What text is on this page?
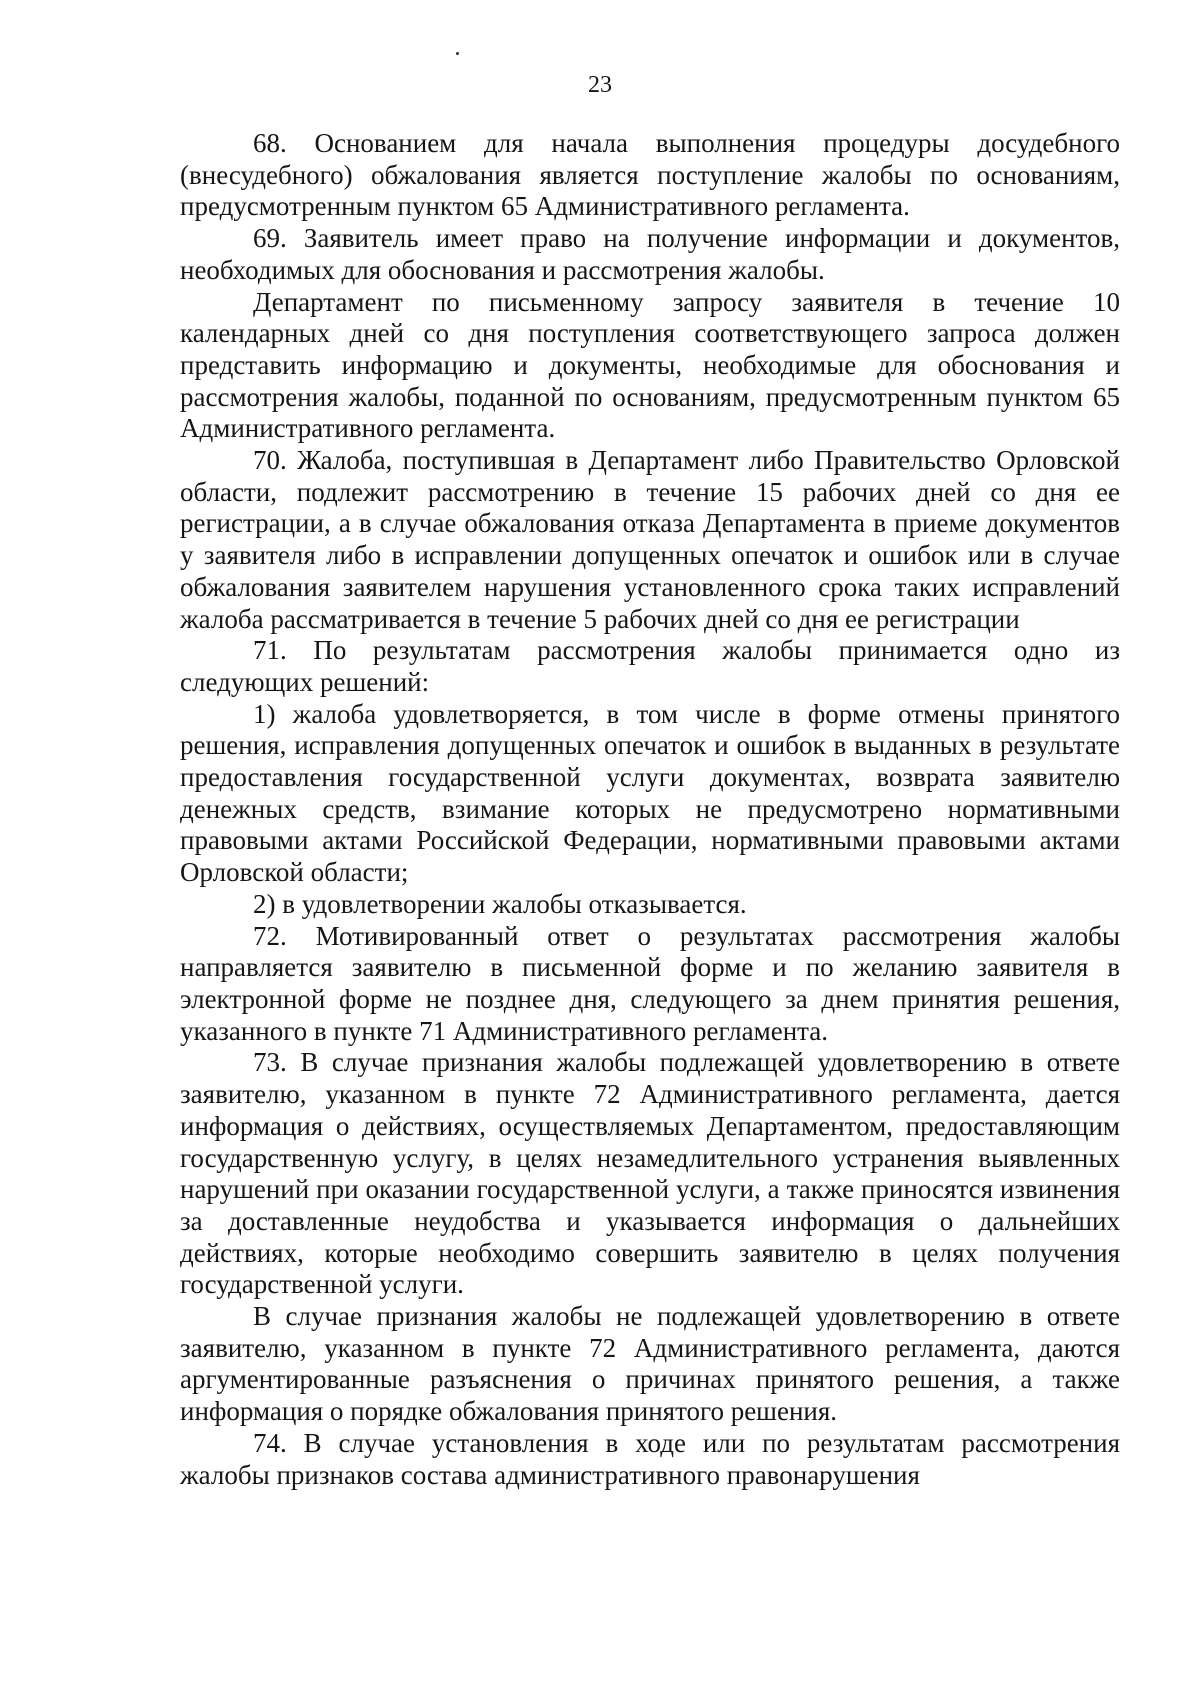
23

68. Основанием для начала выполнения процедуры досудебного (внесудебного) обжалования является поступление жалобы по основаниям, предусмотренным пунктом 65 Административного регламента.

69. Заявитель имеет право на получение информации и документов, необходимых для обоснования и рассмотрения жалобы.

Департамент по письменному запросу заявителя в течение 10 календарных дней со дня поступления соответствующего запроса должен представить информацию и документы, необходимые для обоснования и рассмотрения жалобы, поданной по основаниям, предусмотренным пунктом 65 Административного регламента.

70. Жалоба, поступившая в Департамент либо Правительство Орловской области, подлежит рассмотрению в течение 15 рабочих дней со дня ее регистрации, а в случае обжалования отказа Департамента в приеме документов у заявителя либо в исправлении допущенных опечаток и ошибок или в случае обжалования заявителем нарушения установленного срока таких исправлений жалоба рассматривается в течение 5 рабочих дней со дня ее регистрации

71. По результатам рассмотрения жалобы принимается одно из следующих решений:

1) жалоба удовлетворяется, в том числе в форме отмены принятого решения, исправления допущенных опечаток и ошибок в выданных в результате предоставления государственной услуги документах, возврата заявителю денежных средств, взимание которых не предусмотрено нормативными правовыми актами Российской Федерации, нормативными правовыми актами Орловской области;

2) в удовлетворении жалобы отказывается.

72. Мотивированный ответ о результатах рассмотрения жалобы направляется заявителю в письменной форме и по желанию заявителя в электронной форме не позднее дня, следующего за днем принятия решения, указанного в пункте 71 Административного регламента.

73. В случае признания жалобы подлежащей удовлетворению в ответе заявителю, указанном в пункте 72 Административного регламента, дается информация о действиях, осуществляемых Департаментом, предоставляющим государственную услугу, в целях незамедлительного устранения выявленных нарушений при оказании государственной услуги, а также приносятся извинения за доставленные неудобства и указывается информация о дальнейших действиях, которые необходимо совершить заявителю в целях получения государственной услуги.

В случае признания жалобы не подлежащей удовлетворению в ответе заявителю, указанном в пункте 72 Административного регламента, даются аргументированные разъяснения о причинах принятого решения, а также информация о порядке обжалования принятого решения.

74. В случае установления в ходе или по результатам рассмотрения жалобы признаков состава административного правонарушения
